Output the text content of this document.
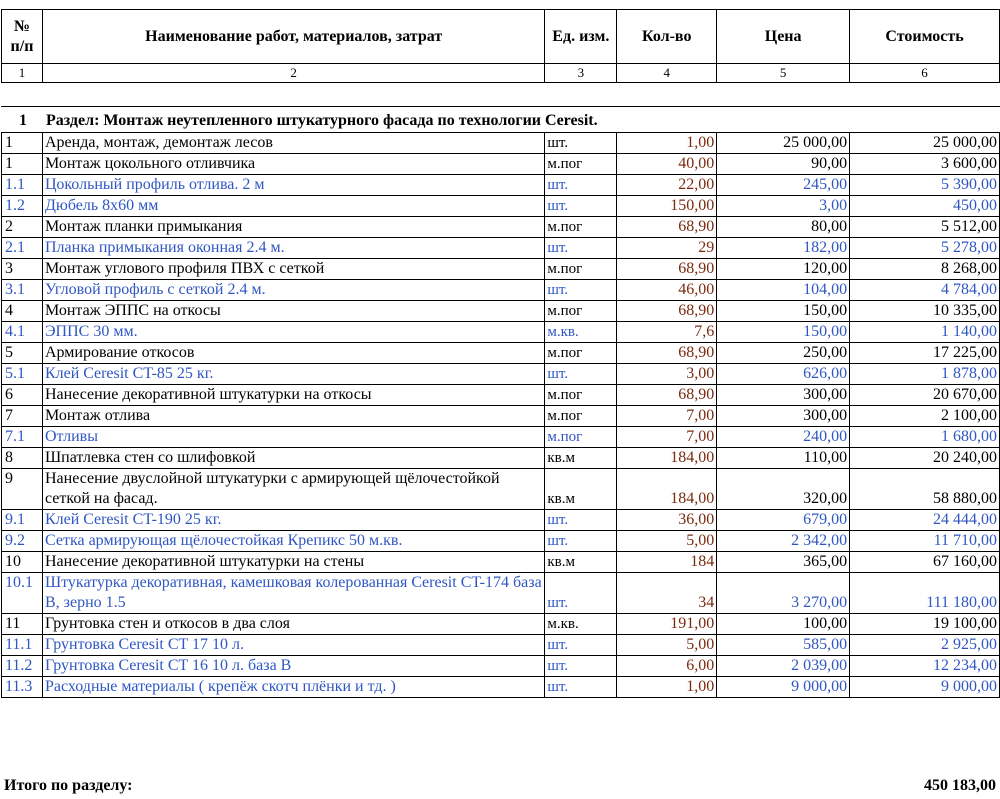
№ п/п	Наименование работ, материалов, затрат	Ед. изм.	Кол-во	Цена	Стоимость
1	2	3	4	5	6
1 Раздел: Монтаж неутепленного штукатурного фасада по технологии Ceresit.
1	Аренда, монтаж, демонтаж лесов	шт.	1,00	25 000,00	25 000,00
1	Монтаж цокольного отливчика	м.пог	40,00	90,00	3 600,00
1.1	Цокольный профиль отлива. 2 м	шт.	22,00	245,00	5 390,00
1.2	Дюбель 8х60 мм	шт.	150,00	3,00	450,00
2	Монтаж планки примыкания	м.пог	68,90	80,00	5 512,00
2.1	Планка примыкания оконная 2.4 м.	шт.	29	182,00	5 278,00
3	Монтаж углового профиля ПВХ с сеткой	м.пог	68,90	120,00	8 268,00
3.1	Угловой профиль с сеткой 2.4 м.	шт.	46,00	104,00	4 784,00
4	Монтаж ЭППС на откосы	м.пог	68,90	150,00	10 335,00
4.1	ЭППС 30 мм.	м.кв.	7,6	150,00	1 140,00
5	Армирование откосов	м.пог	68,90	250,00	17 225,00
5.1	Клей Ceresit CT-85 25 кг.	шт.	3,00	626,00	1 878,00
6	Нанесение декоративной штукатурки на откосы	м.пог	68,90	300,00	20 670,00
7	Монтаж отлива	м.пог	7,00	300,00	2 100,00
7.1	Отливы	м.пог	7,00	240,00	1 680,00
8	Шпатлевка стен со шлифовкой	кв.м	184,00	110,00	20 240,00
9	Нанесение двуслойной штукатурки с армирующей щёлочестойкой сеткой на фасад.	кв.м	184,00	320,00	58 880,00
9.1	Клей Ceresit CT-190 25 кг.	шт.	36,00	679,00	24 444,00
9.2	Сетка армирующая щёлочестойкая Крепикс 50 м.кв.	шт.	5,00	2 342,00	11 710,00
10	Нанесение декоративной штукатурки на стены	кв.м	184	365,00	67 160,00
10.1	Штукатурка декоративная, камешковая колерованная Ceresit CT-174 база В, зерно 1.5	шт.	34	3 270,00	111 180,00
11	Грунтовка стен и откосов в два слоя	м.кв.	191,00	100,00	19 100,00
11.1	Грунтовка Ceresit CT 17 10 л.	шт.	5,00	585,00	2 925,00
11.2	Грунтовка Ceresit CT 16 10 л. база В	шт.	6,00	2 039,00	12 234,00
11.3	Расходные материалы ( крепёж скотч плёнки и тд. )	шт.	1,00	9 000,00	9 000,00
Итого по разделу:	450 183,00
